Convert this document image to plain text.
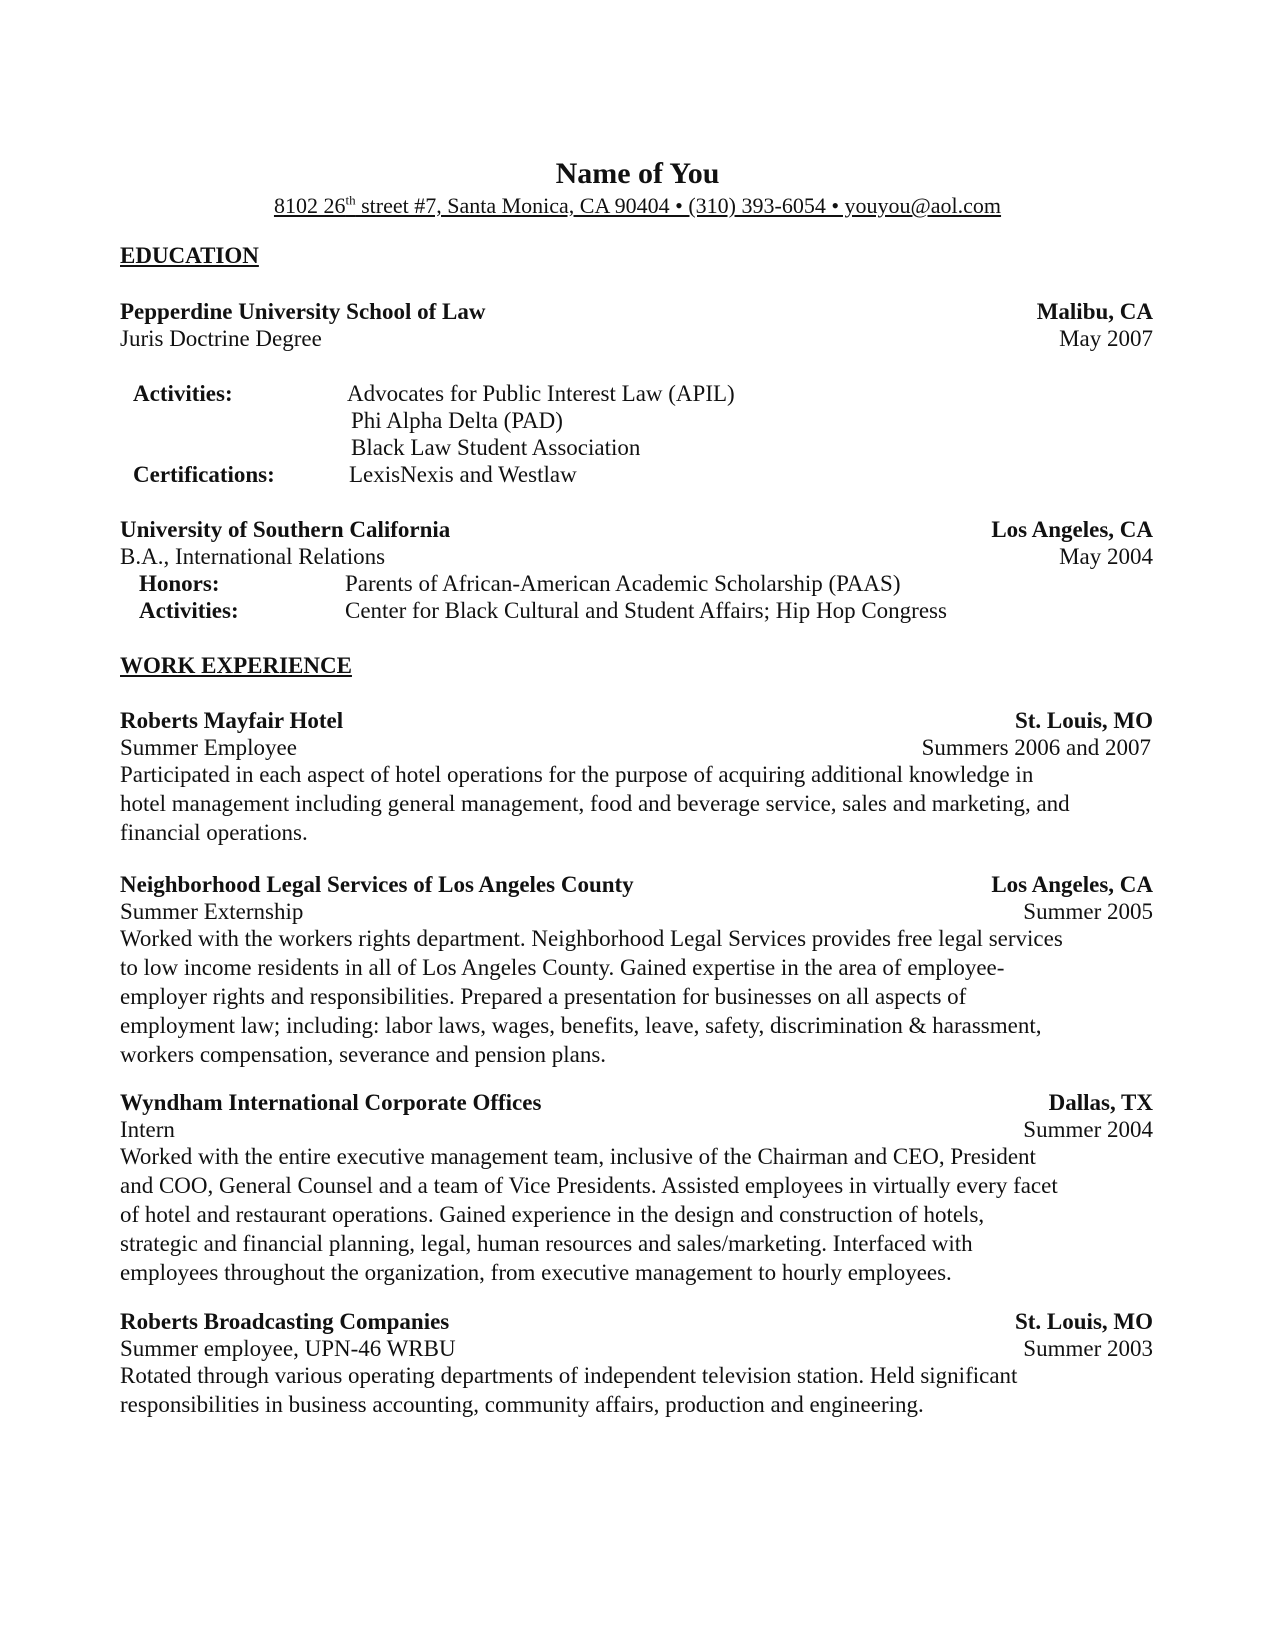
Name of You
8102 26th street #7, Santa Monica, CA 90404 • (310) 393-6054 • youyou@aol.com
EDUCATION
Pepperdine University School of Law	Malibu, CA
Juris Doctrine Degree	May 2007
Activities:	Advocates for Public Interest Law (APIL)
Phi Alpha Delta (PAD)
Black Law Student Association
Certifications:	LexisNexis and Westlaw
University of Southern California	Los Angeles, CA
B.A., International Relations	May 2004
Honors:	Parents of African-American Academic Scholarship (PAAS)
Activities:	Center for Black Cultural and Student Affairs; Hip Hop Congress
WORK EXPERIENCE
Roberts Mayfair Hotel	St. Louis, MO
Summer Employee	Summers 2006 and 2007
Participated in each aspect of hotel operations for the purpose of acquiring additional knowledge in
hotel management including general management, food and beverage service, sales and marketing, and
financial operations.
Neighborhood Legal Services of Los Angeles County	Los Angeles, CA
Summer Externship	Summer 2005
Worked with the workers rights department. Neighborhood Legal Services provides free legal services
to low income residents in all of Los Angeles County. Gained expertise in the area of employee-
employer rights and responsibilities. Prepared a presentation for businesses on all aspects of
employment law; including: labor laws, wages, benefits, leave, safety, discrimination & harassment,
workers compensation, severance and pension plans.
Wyndham International Corporate Offices	Dallas, TX
Intern	Summer 2004
Worked with the entire executive management team, inclusive of the Chairman and CEO, President
and COO, General Counsel and a team of Vice Presidents. Assisted employees in virtually every facet
of hotel and restaurant operations. Gained experience in the design and construction of hotels,
strategic and financial planning, legal, human resources and sales/marketing. Interfaced with
employees throughout the organization, from executive management to hourly employees.
Roberts Broadcasting Companies	St. Louis, MO
Summer employee, UPN-46 WRBU	Summer 2003
Rotated through various operating departments of independent television station. Held significant
responsibilities in business accounting, community affairs, production and engineering.
